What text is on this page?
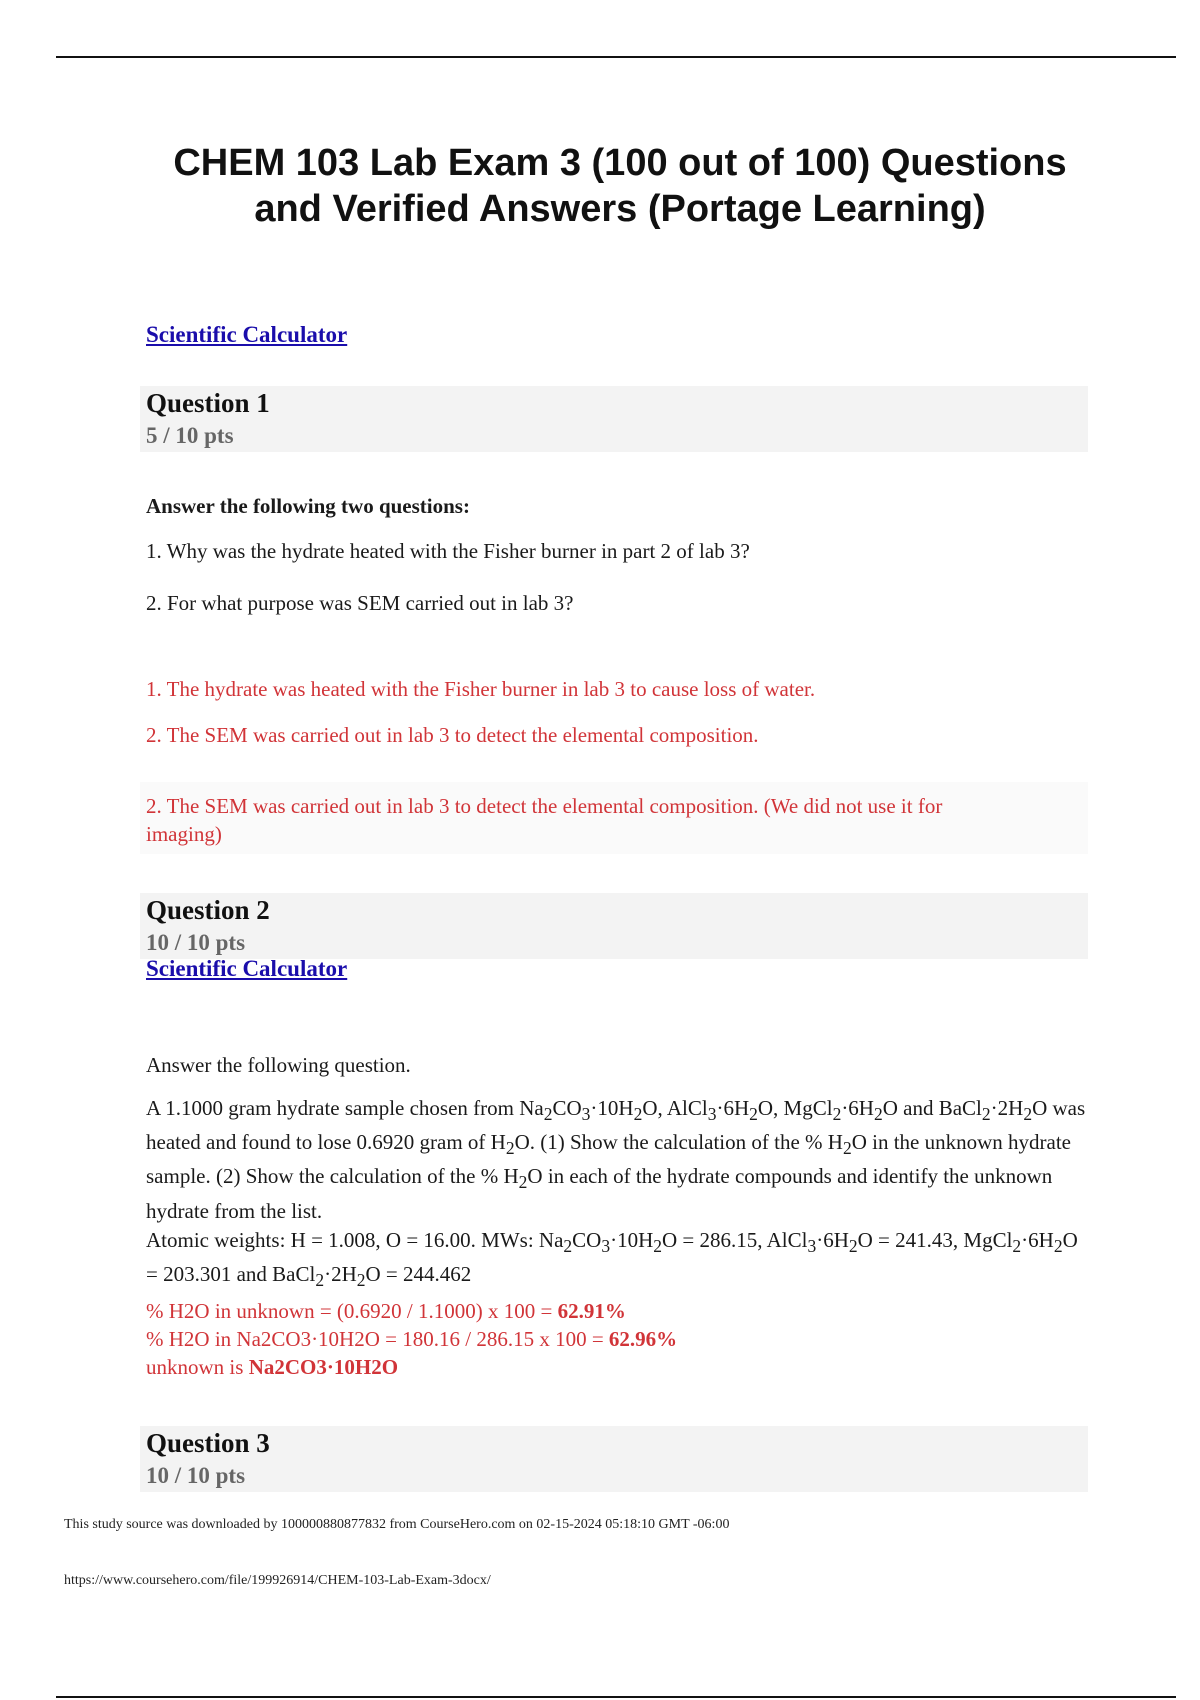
CHEM 103 Lab Exam 3 (100 out of 100) Questions
and Verified Answers (Portage Learning)
Scientific Calculator
Question 1
5 / 10 pts
Answer the following two questions:
1. Why was the hydrate heated with the Fisher burner in part 2 of lab 3?
2. For what purpose was SEM carried out in lab 3?
1. The hydrate was heated with the Fisher burner in lab 3 to cause loss of water.
2. The SEM was carried out in lab 3 to detect the elemental composition.
2. The SEM was carried out in lab 3 to detect the elemental composition. (We did not use it for
imaging)
Question 2
10 / 10 pts
Scientific Calculator
Answer the following question.
A 1.1000 gram hydrate sample chosen from $Na_2CO_3\cdot 10H_2O$, $AlCl_3\cdot 6H_2O$, $MgCl_2\cdot 6H_2O$ and $BaCl_2\cdot 2H_2O$ was heated and found to lose 0.6920 gram of $H_2O$. (1) Show the calculation of the % $H_2O$ in the unknown hydrate sample. (2) Show the calculation of the % $H_2O$ in each of the hydrate compounds and identify the unknown hydrate from the list.
Atomic weights: H = 1.008, O = 16.00. MWs: $Na_2CO_3\cdot 10H_2O = 286.15$, $AlCl_3\cdot 6H_2O = 241.43$, $MgCl_2\cdot 6H_2O = 203.301$ and $BaCl_2\cdot 2H_2O = 244.462$
% H2O in unknown = (0.6920 / 1.1000) x 100 = 62.91%
% H2O in Na2CO3·10H2O = 180.16 / 286.15 x 100 = 62.96%
unknown is Na2CO3·10H2O
Question 3
10 / 10 pts
This study source was downloaded by 100000880877832 from CourseHero.com on 02-15-2024 05:18:10 GMT -06:00
https://www.coursehero.com/file/199926914/CHEM-103-Lab-Exam-3docx/
